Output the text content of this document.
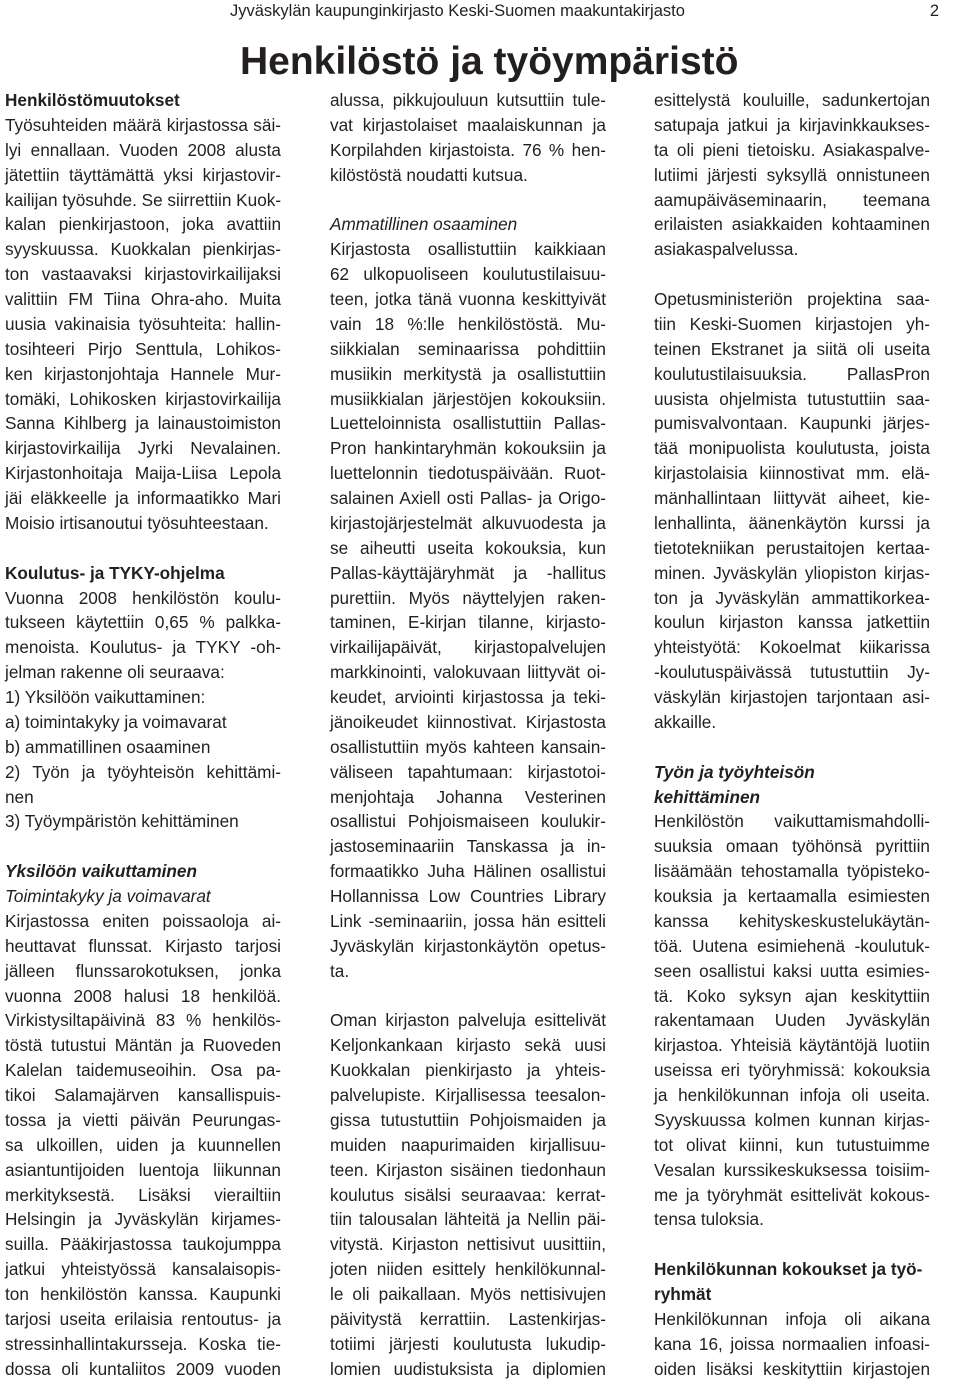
Jyväskylän kaupunginkirjasto Keski-Suomen maakuntakirjasto	2
Henkilöstö ja työympäristö
Henkilöstömuutokset
Työsuhteiden määrä kirjastossa säi-
lyi ennallaan. Vuoden 2008 alusta
jätettiin täyttämättä yksi kirjastovir-
kailijan työsuhde. Se siirrettiin Kuok-
kalan pienkirjastoon, joka avattiin
syyskuussa. Kuokkalan pienkirjas-
ton vastaavaksi kirjastovirkailijaksi
valittiin FM Tiina Ohra-aho. Muita
uusia vakinaisia työsuhteita: hallin-
tosihteeri Pirjo Senttula, Lohikos-
ken kirjastonjohtaja Hannele Mur-
tomäki, Lohikosken kirjastovirkailija
Sanna Kihlberg ja lainaustoimiston
kirjastovirkailija Jyrki Nevalainen.
Kirjastonhoitaja Maija-Liisa Lepola
jäi eläkkeelle ja informaatikko Mari
Moisio irtisanoutui työsuhteestaan.
Koulutus- ja TYKY-ohjelma
Vuonna 2008 henkilöstön koulu-
tukseen käytettiin 0,65 % palkka-
menoista. Koulutus- ja TYKY -oh-
jelman rakenne oli seuraava:
1) Yksilöön vaikuttaminen:
a) toimintakyky ja voimavarat
b) ammatillinen osaaminen
2) Työn ja työyhteisön kehittämi-
nen
3) Työympäristön kehittäminen
Yksilöön vaikuttaminen
Toimintakyky ja voimavarat
Kirjastossa eniten poissaoloja ai-
heuttavat flunssat. Kirjasto tarjosi
jälleen flunssarokotuksen, jonka
vuonna 2008 halusi 18 henkilöä.
Virkistysiltapäivinä 83 % henkilös-
töstä tutustui Mäntän ja Ruoveden
Kalelan taidemuseoihin. Osa pa-
tikoi Salamajärven kansallispuis-
tossa ja vietti päivän Peurungas-
sa ulkoillen, uiden ja kuunnellen
asiantuntijoiden luentoja liikunnan
merkityksestä. Lisäksi vierailtiin
Helsingin ja Jyväskylän kirjames-
suilla. Pääkirjastossa taukojumppa
jatkui yhteistyössä kansalaisopis-
ton henkilöstön kanssa. Kaupunki
tarjosi useita erilaisia rentoutus- ja
stressinhallintakursseja. Koska tie-
dossa oli kuntaliitos 2009 vuoden
alussa, pikkujouluun kutsuttiin tule-
vat kirjastolaiset maalaiskunnan ja
Korpilahden kirjastoista. 76 % hen-
kilöstöstä noudatti kutsua.
Ammatillinen osaaminen
Kirjastosta osallistuttiin kaikkiaan
62 ulkopuoliseen koulutustilaisuu-
teen, jotka tänä vuonna keskittyivät
vain 18 %:lle henkilöstöstä. Mu-
siikkialan seminaarissa pohdittiin
musiikin merkitystä ja osallistuttiin
musiikkialan järjestöjen kokouksiin.
Luetteloinnista osallistuttiin Pallas-
Pron hankintaryhmän kokouksiin ja
luettelonnin tiedotuspäivään. Ruot-
salainen Axiell osti Pallas- ja Origo-
kirjastojärjestelmät alkuvuodesta ja
se aiheutti useita kokouksia, kun
Pallas-käyttäjäryhmät ja -hallitus
purettiin. Myös näyttelyjen raken-
taminen, E-kirjan tilanne, kirjasto-
virkailijapäivät, kirjastopalvelujen
markkinointi, valokuvaan liittyvät oi-
keudet, arviointi kirjastossa ja teki-
jänoikeudet kiinnostivat. Kirjastosta
osallistuttiin myös kahteen kansain-
väliseen tapahtumaan: kirjastotoi-
menjohtaja Johanna Vesterinen
osallistui Pohjoismaiseen koulukir-
jastoseminaariin Tanskassa ja in-
formaatikko Juha Hälinen osallistui
Hollannissa Low Countries Library
Link -seminaariin, jossa hän esitteli
Jyväskylän kirjastonkäytön opetus-
ta.
Oman kirjaston palveluja esittelivät
Keljonkankaan kirjasto sekä uusi
Kuokkalan pienkirjasto ja yhteis-
palvelupiste. Kirjallisessa teesalon-
gissa tutustuttiin Pohjoismaiden ja
muiden naapurimaiden kirjallisuu-
teen. Kirjaston sisäinen tiedonhaun
koulutus sisälsi seuraavaa: kerrat-
tiin talousalan lähteitä ja Nellin päi-
vitystä. Kirjaston nettisivut uusittiin,
joten niiden esittely henkilökunnal-
le oli paikallaan. Myös nettisivujen
päivitystä kerrattiin. Lastenkirjas-
totiimi järjesti koulutusta lukudip-
lomien uudistuksista ja diplomien
esittelystä kouluille, sadunkertojan
satupaja jatkui ja kirjavinkkaukses-
ta oli pieni tietoisku. Asiakaspalve-
lutiimi järjesti syksyllä onnistuneen
aamupäiväseminaarin, teemana
erilaisten asiakkaiden kohtaaminen
asiakaspalvelussa.
Opetusministeriön projektina saa-
tiin Keski-Suomen kirjastojen yh-
teinen Ekstranet ja siitä oli useita
koulutustilaisuuksia. PallasPron
uusista ohjelmista tutustuttiin saa-
pumisvalvontaan. Kaupunki järjes-
tää monipuolista koulutusta, joista
kirjastolaisia kiinnostivat mm. elä-
mänhallintaan liittyvät aiheet, kie-
lenhallinta, äänenkäytön kurssi ja
tietotekniikan perustaitojen kertaa-
minen. Jyväskylän yliopiston kirjas-
ton ja Jyväskylän ammattikorkea-
koulun kirjaston kanssa jatkettiin
yhteistyötä: Kokoelmat kiikarissa
-koulutuspäivässä tutustuttiin Jy-
väskylän kirjastojen tarjontaan asi-
akkaille.
Työn ja työyhteisön
kehittäminen
Henkilöstön vaikuttamismahdolli-
suuksia omaan työhönsä pyrittiin
lisäämään tehostamalla työpisteko-
kouksia ja kertaamalla esimiesten
kanssa kehityskeskustelukäytän-
töä. Uutena esimiehenä -koulutuk-
seen osallistui kaksi uutta esimies-
tä. Koko syksyn ajan keskityttiin
rakentamaan Uuden Jyväskylän
kirjastoa. Yhteisiä käytäntöjä luotiin
useissa eri työryhmissä: kokouksia
ja henkilökunnan infoja oli useita.
Syyskuussa kolmen kunnan kirjas-
tot olivat kiinni, kun tutustuimme
Vesalan kurssikeskuksessa toisiim-
me ja työryhmät esittelivät kokous-
tensa tuloksia.
Henkilökunnan kokoukset ja työ-
ryhmät
Henkilökunnan infoja oli aikana
kana 16, joissa normaalien infoasi-
oiden lisäksi keskityttiin kirjastojen
